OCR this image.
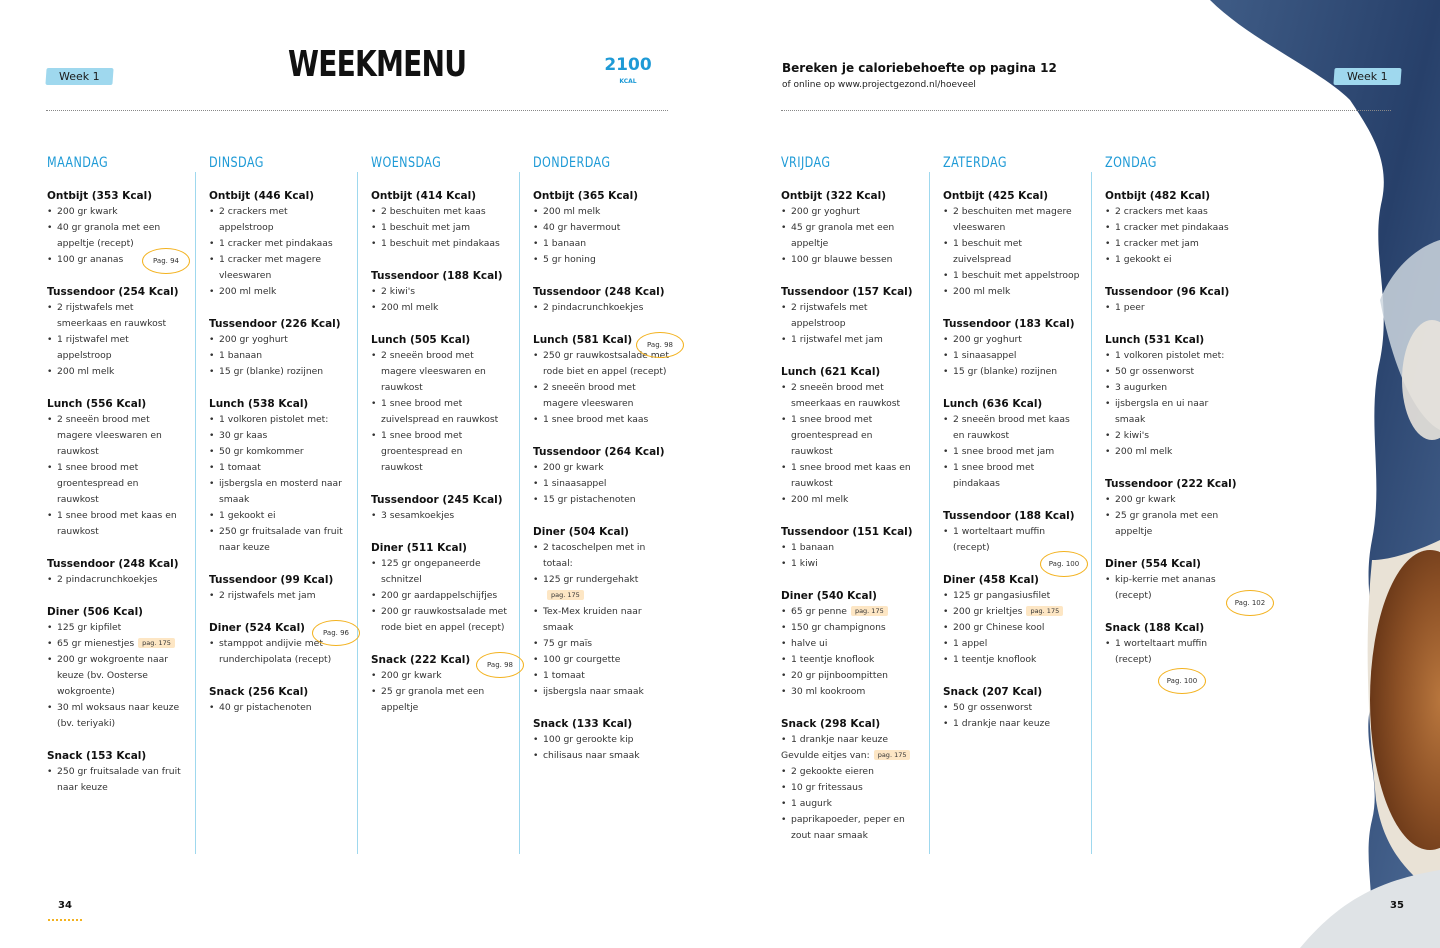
Week 1	WEEKMENU	2100
KCAL
Bereken je caloriebehoefte op pagina 12
of online op www.projectgezond.nl/hoeveel
Week 1
MAANDAG
Ontbijt (353 Kcal)
• 200 gr kwark
• 40 gr granola met een
appeltje (recept)
• 100 gr ananas
Tussendoor (254 Kcal)
• 2 rijstwafels met
smeerkaas en rauwkost
• 1 rijstwafel met
appelstroop
• 200 ml melk
Lunch (556 Kcal)
• 2 sneeën brood met
magere vleeswaren en
rauwkost
• 1 snee brood met
groentespread en
rauwkost
• 1 snee brood met kaas en
rauwkost
Tussendoor (248 Kcal)
• 2 pindacrunchkoekjes
Diner (506 Kcal)
• 125 gr kipfilet
• 65 gr mienestjes pag. 175
• 200 gr wokgroente naar
keuze (bv. Oosterse
wokgroente)
• 30 ml woksaus naar keuze
(bv. teriyaki)
Snack (153 Kcal)
• 250 gr fruitsalade van fruit
naar keuze
DINSDAG
Ontbijt (446 Kcal)
• 2 crackers met
appelstroop
• 1 cracker met pindakaas
• 1 cracker met magere
vleeswaren
• 200 ml melk
Tussendoor (226 Kcal)
• 200 gr yoghurt
• 1 banaan
• 15 gr (blanke) rozijnen
Lunch (538 Kcal)
• 1 volkoren pistolet met:
• 30 gr kaas
• 50 gr komkommer
• 1 tomaat
• ijsbergsla en mosterd naar
smaak
• 1 gekookt ei
• 250 gr fruitsalade van fruit
naar keuze
Tussendoor (99 Kcal)
• 2 rijstwafels met jam
Diner (524 Kcal)
• stamppot andijvie met
runderchipolata (recept)
Snack (256 Kcal)
• 40 gr pistachenoten
WOENSDAG
Ontbijt (414 Kcal)
• 2 beschuiten met kaas
• 1 beschuit met jam
• 1 beschuit met pindakaas
Tussendoor (188 Kcal)
• 2 kiwi's
• 200 ml melk
Lunch (505 Kcal)
• 2 sneeën brood met
magere vleeswaren en
rauwkost
• 1 snee brood met
zuivelspread en rauwkost
• 1 snee brood met
groentespread en
rauwkost
Tussendoor (245 Kcal)
• 3 sesamkoekjes
Diner (511 Kcal)
• 125 gr ongepaneerde
schnitzel
• 200 gr aardappelschijfjes
• 200 gr rauwkostsalade met
rode biet en appel (recept)
Snack (222 Kcal)
• 200 gr kwark
• 25 gr granola met een
appeltje
DONDERDAG
Ontbijt (365 Kcal)
• 200 ml melk
• 40 gr havermout
• 1 banaan
• 5 gr honing
Tussendoor (248 Kcal)
• 2 pindacrunchkoekjes
Lunch (581 Kcal)
• 250 gr rauwkostsalade met
rode biet en appel (recept)
• 2 sneeën brood met
magere vleeswaren
• 1 snee brood met kaas
Tussendoor (264 Kcal)
• 200 gr kwark
• 1 sinaasappel
• 15 gr pistachenoten
Diner (504 Kcal)
• 2 tacoschelpen met in
totaal:
• 125 gr rundergehaktpag. 175
• Tex-Mex kruiden naar
smaak
• 75 gr maïs
• 100 gr courgette
• 1 tomaat
• ijsbergsla naar smaak
Snack (133 Kcal)
• 100 gr gerookte kip
• chilisaus naar smaak
VRIJDAG
Ontbijt (322 Kcal)
• 200 gr yoghurt
• 45 gr granola met een
appeltje
• 100 gr blauwe bessen
Tussendoor (157 Kcal)
• 2 rijstwafels met
appelstroop
• 1 rijstwafel met jam
Lunch (621 Kcal)
• 2 sneeën brood met
smeerkaas en rauwkost
• 1 snee brood met
groentespread en
rauwkost
• 1 snee brood met kaas en
rauwkost
• 200 ml melk
Tussendoor (151 Kcal)
• 1 banaan
• 1 kiwi
Diner (540 Kcal)
• 65 gr penne pag. 175
• 150 gr champignons
• halve ui
• 1 teentje knoflook
• 20 gr pijnboompitten
• 30 ml kookroom
Snack (298 Kcal)
• 1 drankje naar keuze
Gevulde eitjes van: pag. 175
• 2 gekookte eieren
• 10 gr fritessaus
• 1 augurk
• paprikapoeder, peper en
zout naar smaak
ZATERDAG
Ontbijt (425 Kcal)
• 2 beschuiten met magere
vleeswaren
• 1 beschuit met
zuivelspread
• 1 beschuit met appelstroop
• 200 ml melk
Tussendoor (183 Kcal)
• 200 gr yoghurt
• 1 sinaasappel
• 15 gr (blanke) rozijnen
Lunch (636 Kcal)
• 2 sneeën brood met kaas
en rauwkost
• 1 snee brood met jam
• 1 snee brood met
pindakaas
Tussendoor (188 Kcal)
• 1 worteltaart muffin
(recept)
Diner (458 Kcal)
• 125 gr pangasiusfilet
• 200 gr krieltjes pag. 175
• 200 gr Chinese kool
• 1 appel
• 1 teentje knoflook
Snack (207 Kcal)
• 50 gr ossenworst
• 1 drankje naar keuze
ZONDAG
Ontbijt (482 Kcal)
• 2 crackers met kaas
• 1 cracker met pindakaas
• 1 cracker met jam
• 1 gekookt ei
Tussendoor (96 Kcal)
• 1 peer
Lunch (531 Kcal)
• 1 volkoren pistolet met:
• 50 gr ossenworst
• 3 augurken
• ijsbergsla en ui naar
smaak
• 2 kiwi's
• 200 ml melk
Tussendoor (222 Kcal)
• 200 gr kwark
• 25 gr granola met een
appeltje
Diner (554 Kcal)
• kip-kerrie met ananas
(recept)
Snack (188 Kcal)
• 1 worteltaart muffin
(recept)
34	35
Pag. 94
Pag. 96
Pag. 98
Pag. 98
Pag. 100
Pag. 102
Pag. 100
